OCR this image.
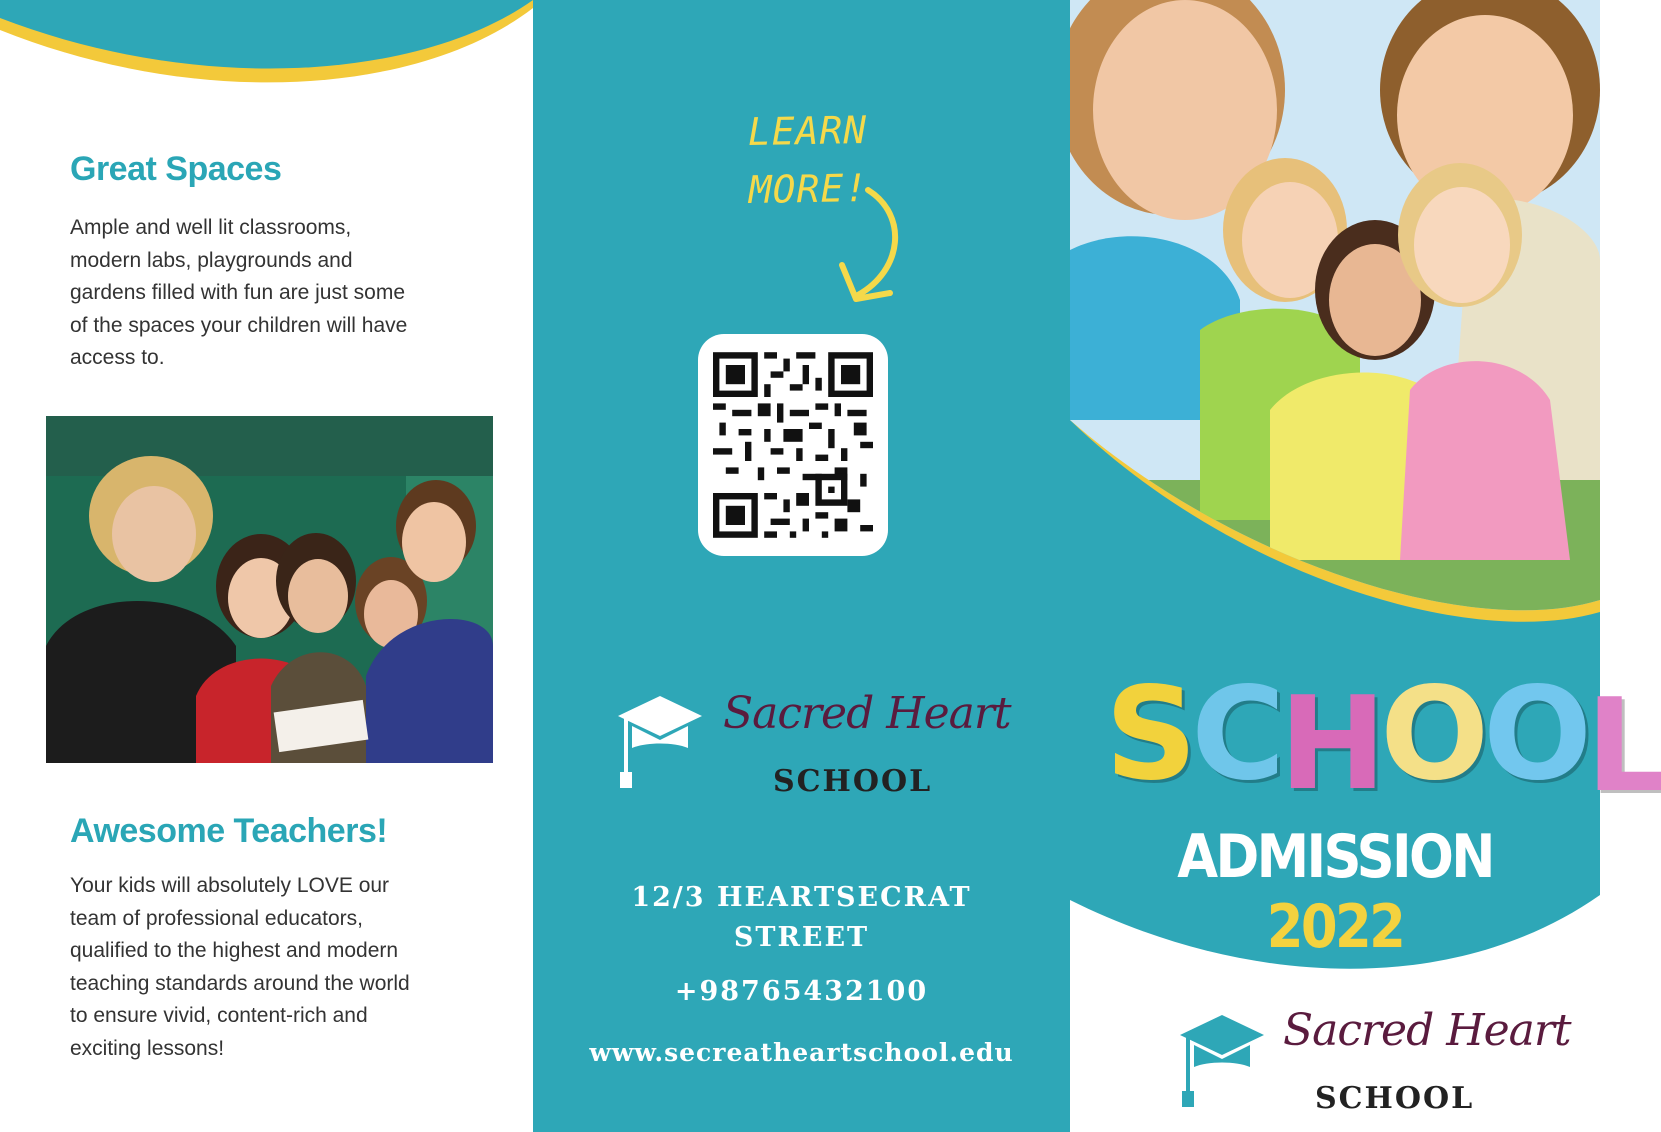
Great Spaces

Ample and well lit classrooms,
modern labs, playgrounds and
gardens filled with fun are just some
of the spaces your children will have
access to.

Awesome Teachers!

Your kids will absolutely LOVE our
team of professional educators,
qualified to the highest and modern
teaching standards around the world
to ensure vivid, content-rich and
exciting lessons!

LEARN
MORE!
Sacred Heart
SCHOOL
12/3 HEARTSECRAT
STREET
+98765432100
www.secreatheartschool.edu
SCHOOL
ADMISSION 2022
Sacred Heart
SCHOOL
